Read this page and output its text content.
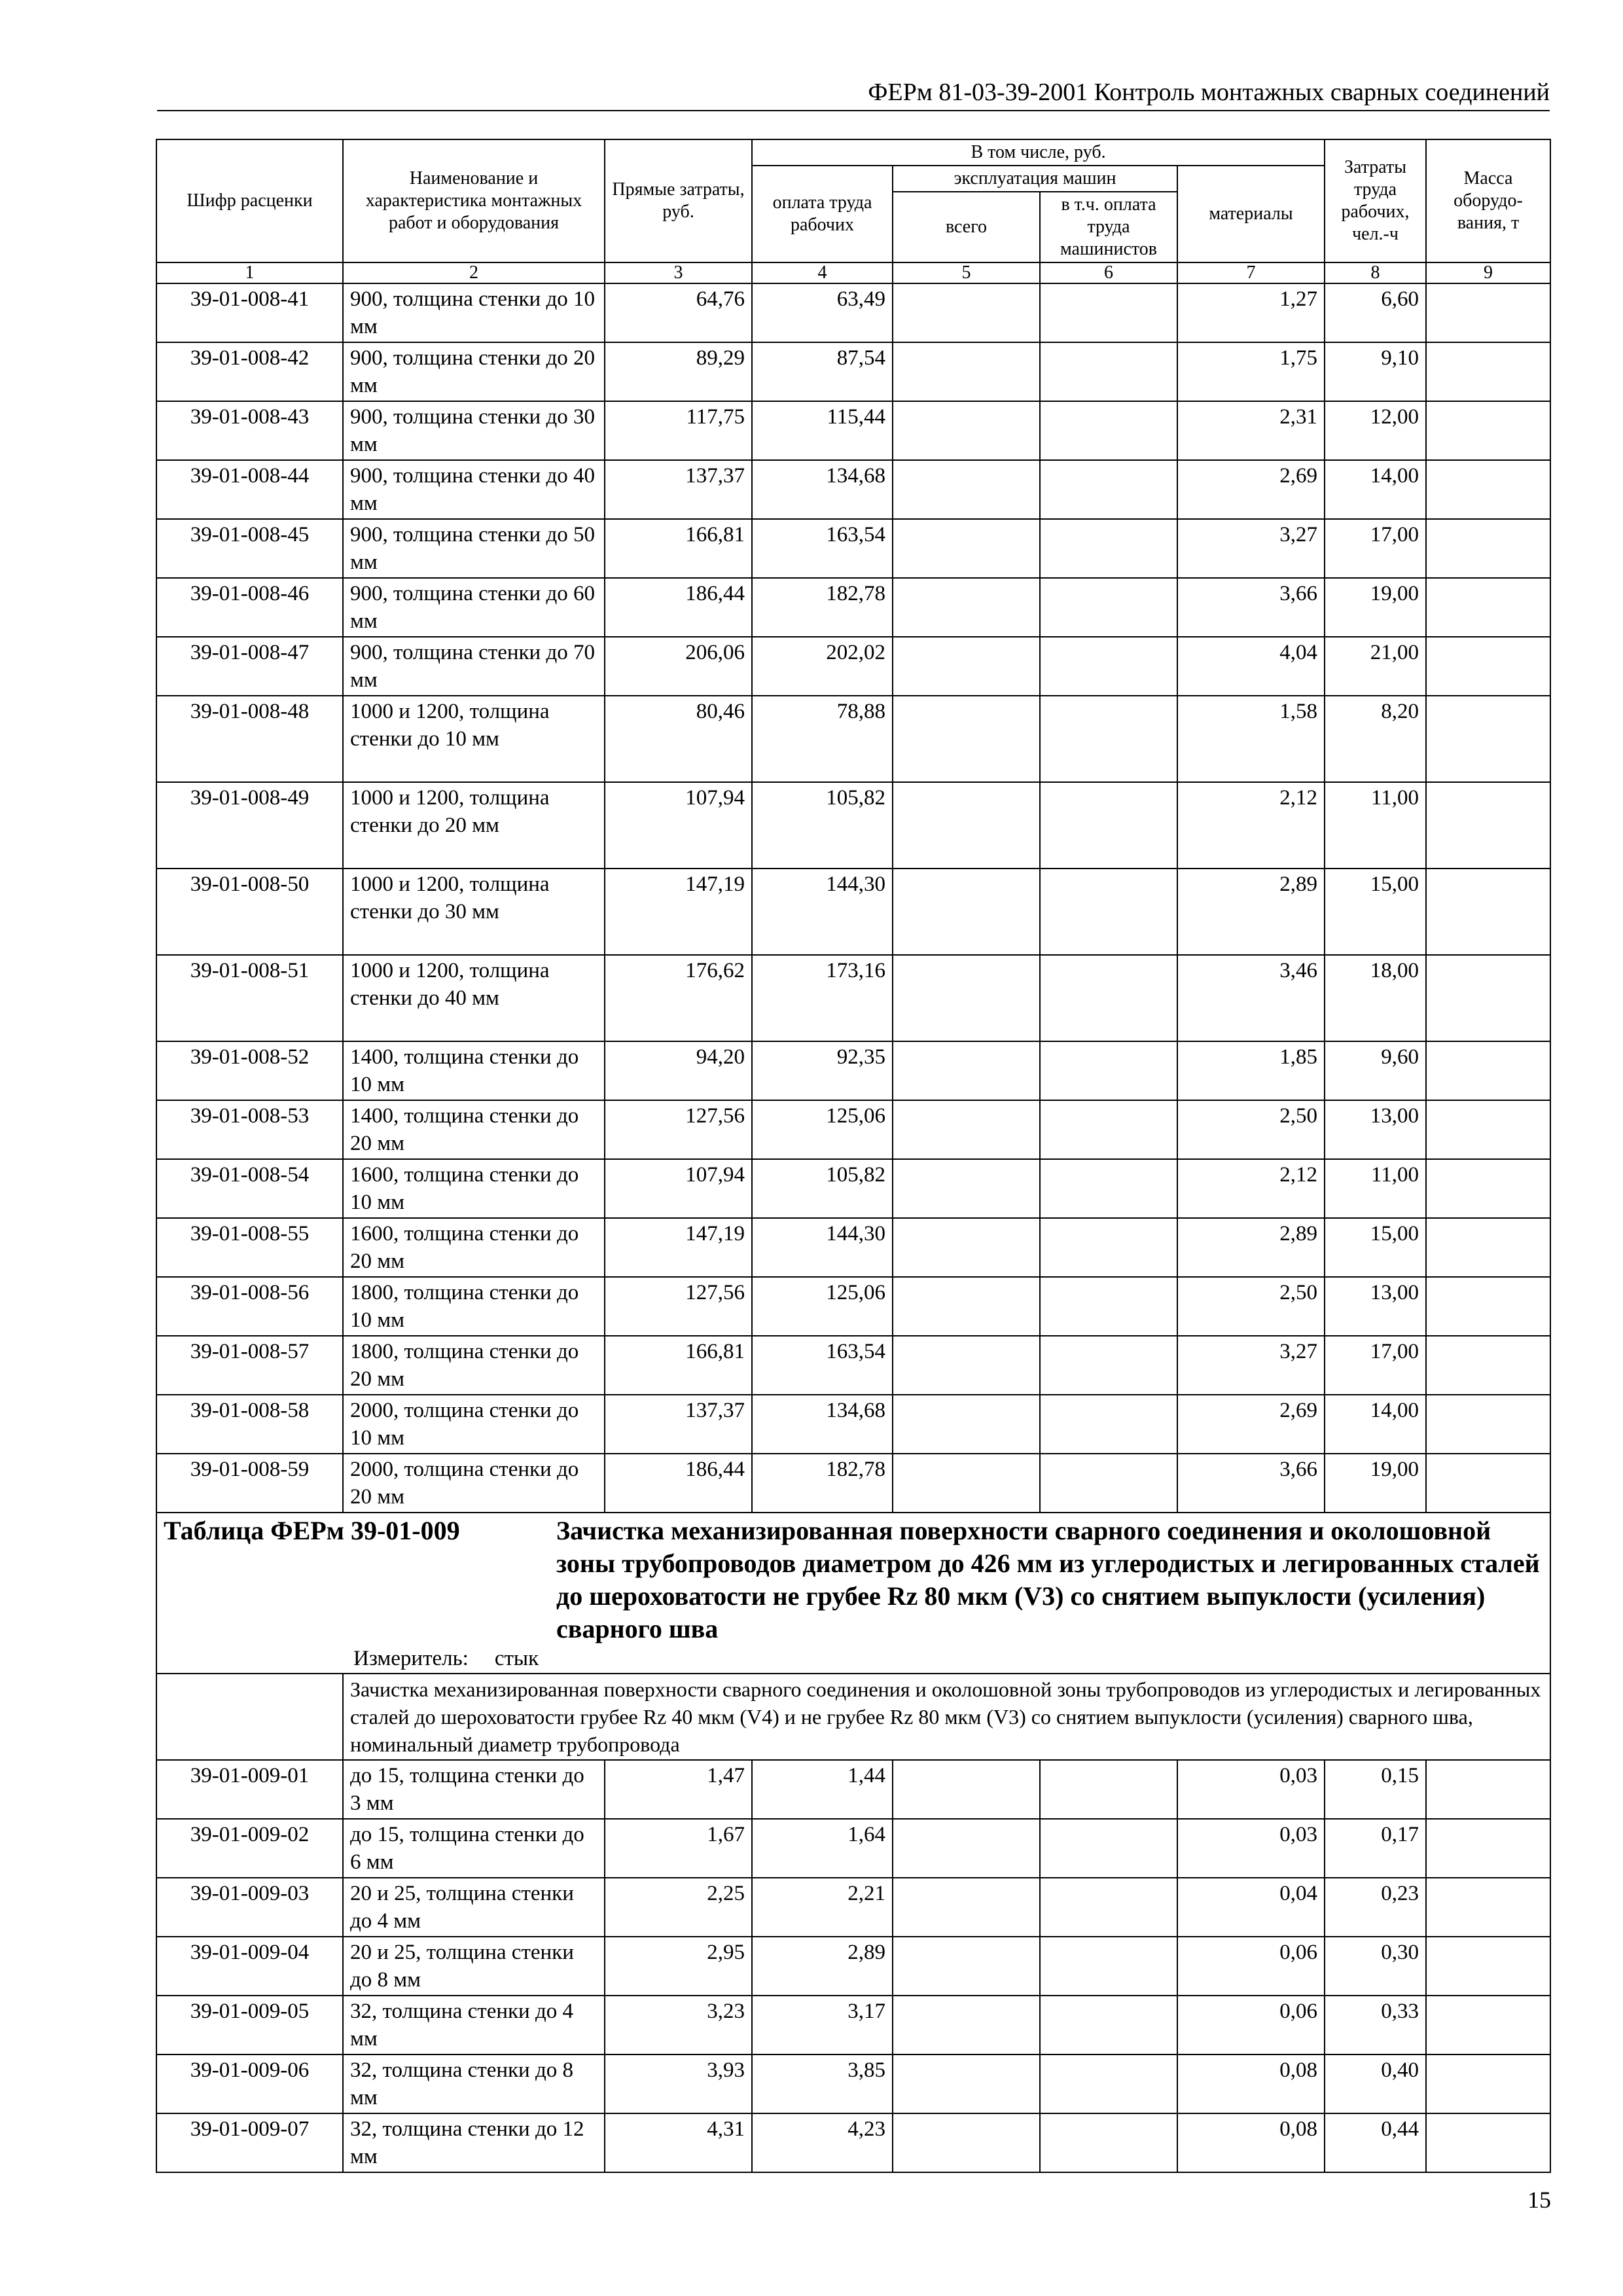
ФЕРм 81-03-39-2001 Контроль монтажных сварных соединений
Шифр расценки	Наименование и характеристика монтажных работ и оборудования	Прямые затраты, руб.	В том числе, руб.				Затраты труда рабочих, чел.-ч	Масса оборудо-вания, т
			оплата труда рабочих	эксплуатация машин		материалы		
				всего	в т.ч. оплата труда машинистов			
1	2	3	4	5	6	7	8	9
39-01-008-41	900, толщина стенки до 10 мм	64,76	63,49			1,27	6,60	
39-01-008-42	900, толщина стенки до 20 мм	89,29	87,54			1,75	9,10	
39-01-008-43	900, толщина стенки до 30 мм	117,75	115,44			2,31	12,00	
39-01-008-44	900, толщина стенки до 40 мм	137,37	134,68			2,69	14,00	
39-01-008-45	900, толщина стенки до 50 мм	166,81	163,54			3,27	17,00	
39-01-008-46	900, толщина стенки до 60 мм	186,44	182,78			3,66	19,00	
39-01-008-47	900, толщина стенки до 70 мм	206,06	202,02			4,04	21,00	
39-01-008-48	1000 и 1200, толщина стенки до 10 мм	80,46	78,88			1,58	8,20	
39-01-008-49	1000 и 1200, толщина стенки до 20 мм	107,94	105,82			2,12	11,00	
39-01-008-50	1000 и 1200, толщина стенки до 30 мм	147,19	144,30			2,89	15,00	
39-01-008-51	1000 и 1200, толщина стенки до 40 мм	176,62	173,16			3,46	18,00	
39-01-008-52	1400, толщина стенки до 10 мм	94,20	92,35			1,85	9,60	
39-01-008-53	1400, толщина стенки до 20 мм	127,56	125,06			2,50	13,00	
39-01-008-54	1600, толщина стенки до 10 мм	107,94	105,82			2,12	11,00	
39-01-008-55	1600, толщина стенки до 20 мм	147,19	144,30			2,89	15,00	
39-01-008-56	1800, толщина стенки до 10 мм	127,56	125,06			2,50	13,00	
39-01-008-57	1800, толщина стенки до 20 мм	166,81	163,54			3,27	17,00	
39-01-008-58	2000, толщина стенки до 10 мм	137,37	134,68			2,69	14,00	
39-01-008-59	2000, толщина стенки до 20 мм	186,44	182,78			3,66	19,00	

Таблица ФЕРм 39-01-009 Зачистка механизированная поверхности сварного соединения и околошовной зоны трубопроводов диаметром до 426 мм из углеродистых и легированных сталей до шероховатости не грубее Rz 80 мкм (V3) со снятием выпуклости (усиления) сварного шва
Измеритель: стык								

	Зачистка механизированная поверхности сварного соединения и околошовной зоны трубопроводов из углеродистых и легированных сталей до шероховатости грубее Rz 40 мкм (V4) и не грубее Rz 80 мкм (V3) со снятием выпуклости (усиления) сварного шва, номинальный диаметр трубопровода							
39-01-009-01	до 15, толщина стенки до 3 мм	1,47	1,44			0,03	0,15	
39-01-009-02	до 15, толщина стенки до 6 мм	1,67	1,64			0,03	0,17	
39-01-009-03	20 и 25, толщина стенки до 4 мм	2,25	2,21			0,04	0,23	
39-01-009-04	20 и 25, толщина стенки до 8 мм	2,95	2,89			0,06	0,30	
39-01-009-05	32, толщина стенки до 4 мм	3,23	3,17			0,06	0,33	
39-01-009-06	32, толщина стенки до 8 мм	3,93	3,85			0,08	0,40	
39-01-009-07	32, толщина стенки до 12 мм	4,31	4,23			0,08	0,44	
15
